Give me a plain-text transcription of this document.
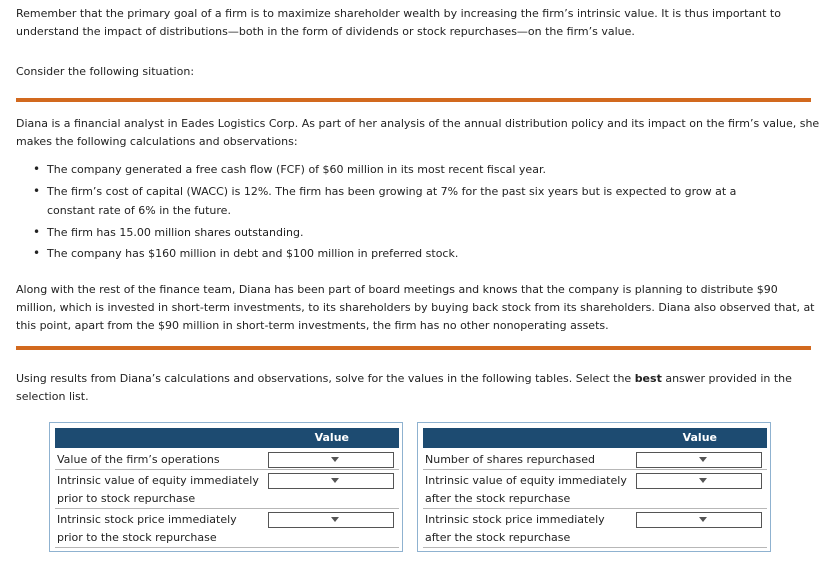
Remember that the primary goal of a firm is to maximize shareholder wealth by increasing the firm’s intrinsic value. It is thus important to
understand the impact of distributions—both in the form of dividends or stock repurchases—on the firm’s value.

Consider the following situation:

Diana is a financial analyst in Eades Logistics Corp. As part of her analysis of the annual distribution policy and its impact on the firm’s value, she
makes the following calculations and observations:

• The company generated a free cash flow (FCF) of $60 million in its most recent fiscal year.
• The firm’s cost of capital (WACC) is 12%. The firm has been growing at 7% for the past six years but is expected to grow at a
constant rate of 6% in the future.
• The firm has 15.00 million shares outstanding.
• The company has $160 million in debt and $100 million in preferred stock.

Along with the rest of the finance team, Diana has been part of board meetings and knows that the company is planning to distribute $90
million, which is invested in short-term investments, to its shareholders by buying back stock from its shareholders. Diana also observed that, at
this point, apart from the $90 million in short-term investments, the firm has no other nonoperating assets.

Using results from Diana’s calculations and observations, solve for the values in the following tables. Select the best answer provided in the
selection list.

Value
Value of the firm’s operations
Intrinsic value of equity immediately
prior to stock repurchase
Intrinsic stock price immediately
prior to the stock repurchase
Value
Number of shares repurchased
Intrinsic value of equity immediately
after the stock repurchase
Intrinsic stock price immediately
after the stock repurchase
